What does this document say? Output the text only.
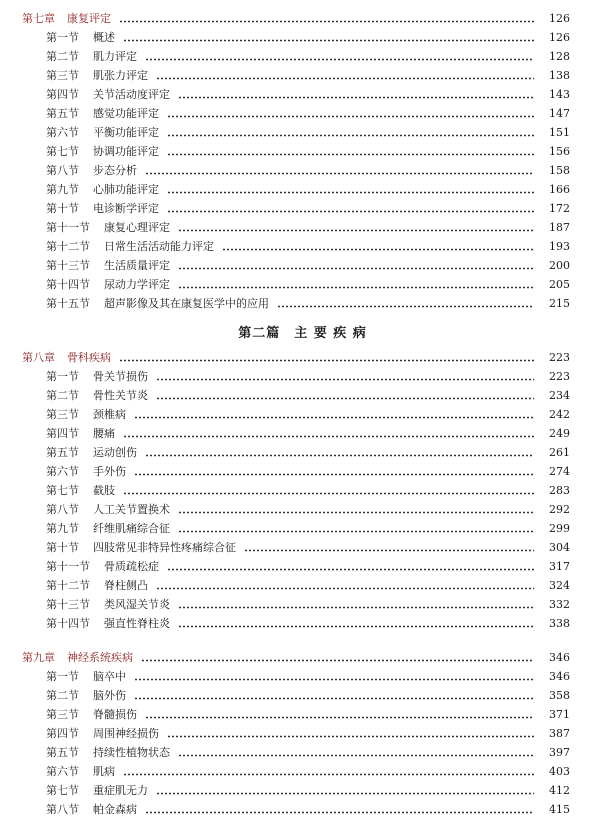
第七章 康复评定	126
第一节 概述	126
第二节 肌力评定	128
第三节 肌张力评定	138
第四节 关节活动度评定	143
第五节 感觉功能评定	147
第六节 平衡功能评定	151
第七节 协调功能评定	156
第八节 步态分析	158
第九节 心肺功能评定	166
第十节 电诊断学评定	172
第十一节 康复心理评定	187
第十二节 日常生活活动能力评定	193
第十三节 生活质量评定	200
第十四节 尿动力学评定	205
第十五节 超声影像及其在康复医学中的应用	215
第二篇　主 要 疾 病
第八章 骨科疾病	223
第一节 骨关节损伤	223
第二节 骨性关节炎	234
第三节 颈椎病	242
第四节 腰痛	249
第五节 运动创伤	261
第六节 手外伤	274
第七节 截肢	283
第八节 人工关节置换术	292
第九节 纤维肌痛综合征	299
第十节 四肢常见非特异性疼痛综合征	304
第十一节 骨质疏松症	317
第十二节 脊柱侧凸	324
第十三节 类风湿关节炎	332
第十四节 强直性脊柱炎	338
第九章 神经系统疾病	346
第一节 脑卒中	346
第二节 脑外伤	358
第三节 脊髓损伤	371
第四节 周围神经损伤	387
第五节 持续性植物状态	397
第六节 肌病	403
第七节 重症肌无力	412
第八节 帕金森病	415
